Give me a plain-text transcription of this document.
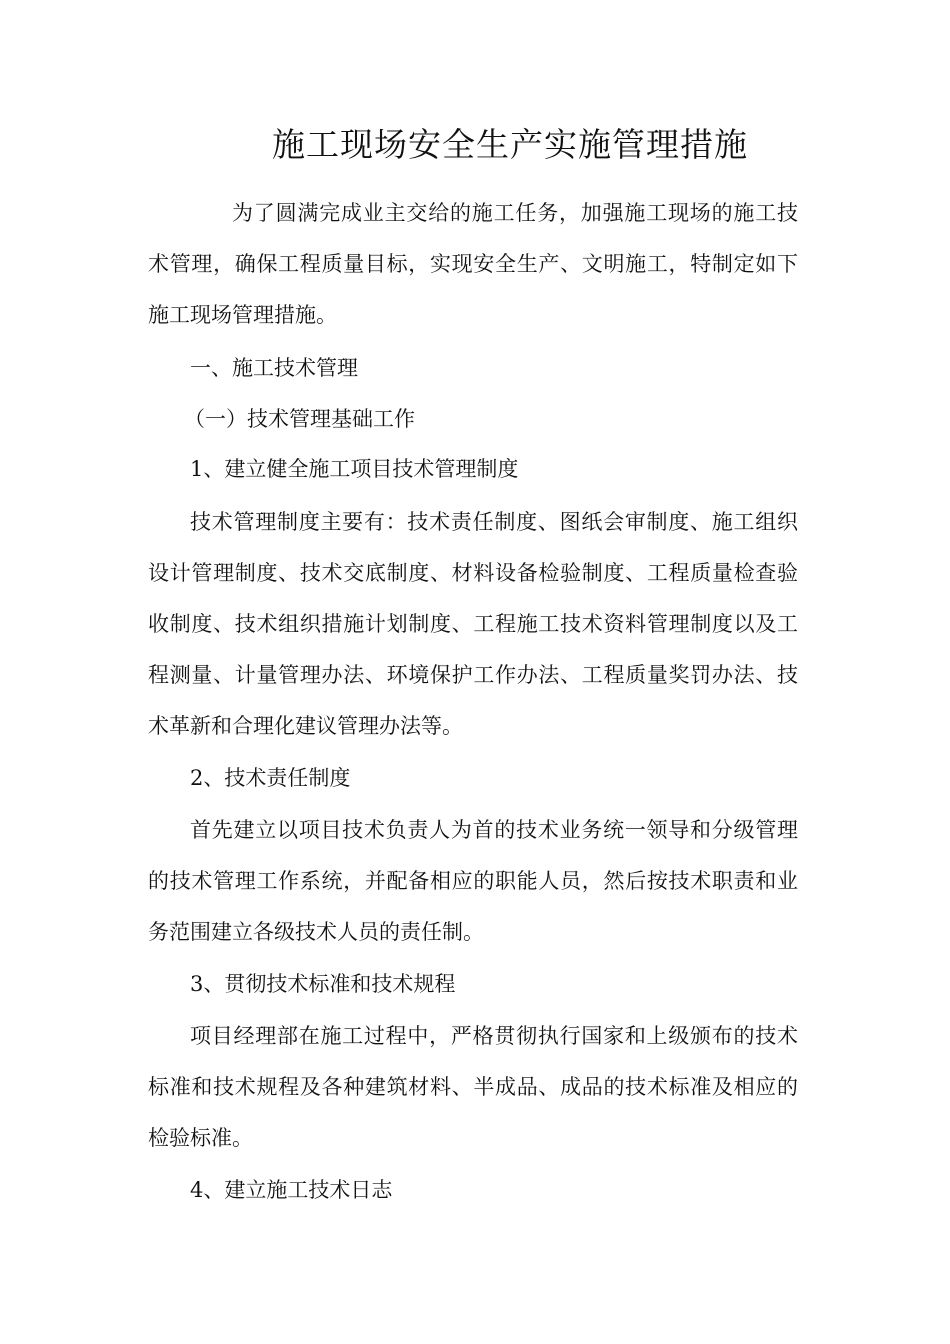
施工现场安全生产实施管理措施
为了圆满完成业主交给的施工任务，加强施工现场的施工技术管理，确保工程质量目标，实现安全生产、文明施工，特制定如下施工现场管理措施。
一、施工技术管理
（一）技术管理基础工作
1、建立健全施工项目技术管理制度
技术管理制度主要有：技术责任制度、图纸会审制度、施工组织设计管理制度、技术交底制度、材料设备检验制度、工程质量检查验收制度、技术组织措施计划制度、工程施工技术资料管理制度以及工程测量、计量管理办法、环境保护工作办法、工程质量奖罚办法、技术革新和合理化建议管理办法等。
2、技术责任制度
首先建立以项目技术负责人为首的技术业务统一领导和分级管理的技术管理工作系统，并配备相应的职能人员，然后按技术职责和业务范围建立各级技术人员的责任制。
3、贯彻技术标准和技术规程
项目经理部在施工过程中，严格贯彻执行国家和上级颁布的技术标准和技术规程及各种建筑材料、半成品、成品的技术标准及相应的检验标准。
4、建立施工技术日志
